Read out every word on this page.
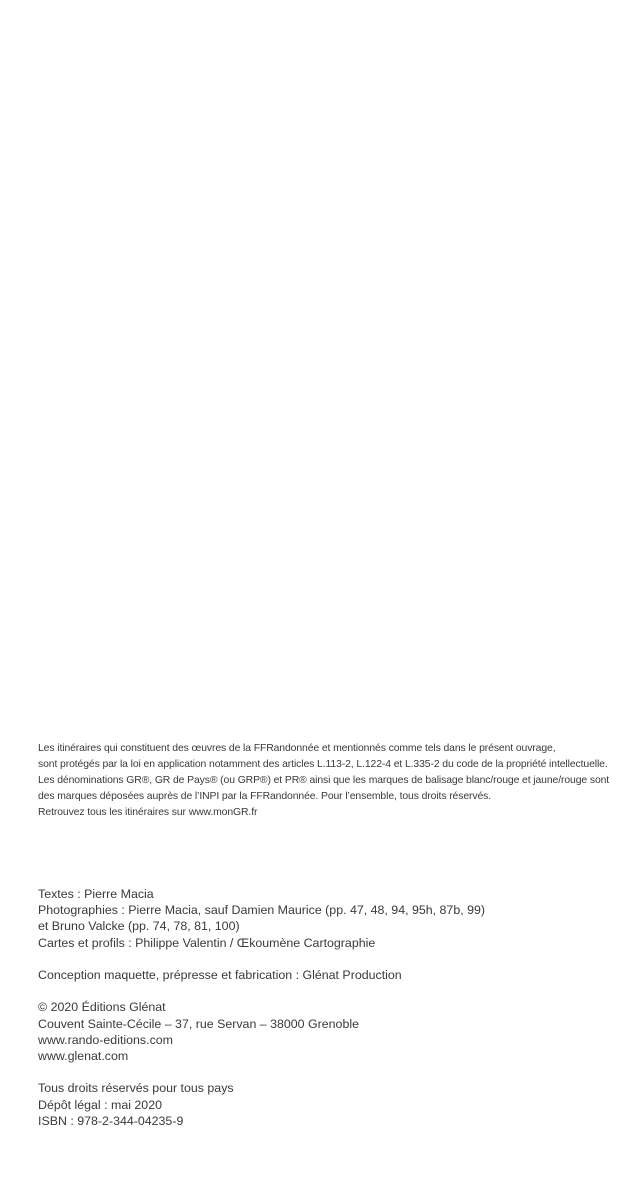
Les itinéraires qui constituent des œuvres de la FFRandonnée et mentionnés comme tels dans le présent ouvrage,
sont protégés par la loi en application notamment des articles L.113-2, L.122-4 et L.335-2 du code de la propriété intellectuelle.
Les dénominations GR®, GR de Pays® (ou GRP®) et PR® ainsi que les marques de balisage blanc/rouge et jaune/rouge sont
des marques déposées auprès de l’INPI par la FFRandonnée. Pour l’ensemble, tous droits réservés.
Retrouvez tous les itinéraires sur www.monGR.fr
Textes : Pierre Macia
Photographies : Pierre Macia, sauf Damien Maurice (pp. 47, 48, 94, 95h, 87b, 99)
et Bruno Valcke (pp. 74, 78, 81, 100)
Cartes et profils : Philippe Valentin / Œkoumène Cartographie
Conception maquette, prépresse et fabrication : Glénat Production
© 2020 Éditions Glénat
Couvent Sainte-Cécile – 37, rue Servan – 38000 Grenoble
www.rando-editions.com
www.glenat.com
Tous droits réservés pour tous pays
Dépôt légal : mai 2020
ISBN : 978-2-344-04235-9
